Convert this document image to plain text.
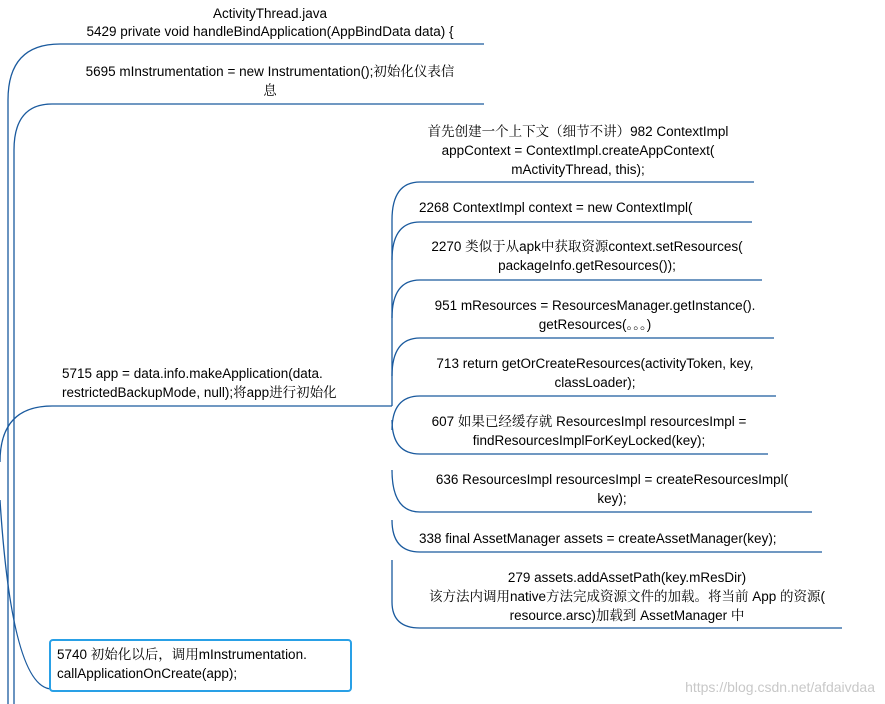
ActivityThread.java
5429 private void handleBindApplication(AppBindData data) {
5695 mInstrumentation = new Instrumentation();初始化仪表信
息
5715 app = data.info.makeApplication(data.
restrictedBackupMode, null);将app进行初始化
5740 初始化以后，调用mInstrumentation.
callApplicationOnCreate(app);
首先创建一个上下文（细节不讲）982 ContextImpl
appContext = ContextImpl.createAppContext(
mActivityThread, this);
2268 ContextImpl context = new ContextImpl(
2270 类似于从apk中获取资源context.setResources(
packageInfo.getResources());
951 mResources = ResourcesManager.getInstance().
getResources(。。。)
713 return getOrCreateResources(activityToken, key,
classLoader);
607 如果已经缓存就 ResourcesImpl resourcesImpl =
findResourcesImplForKeyLocked(key);
636 ResourcesImpl resourcesImpl = createResourcesImpl(
key);
338 final AssetManager assets = createAssetManager(key);
279 assets.addAssetPath(key.mResDir)
该方法内调用native方法完成资源文件的加载。将当前 App 的资源(
resource.arsc)加载到 AssetManager 中
https://blog.csdn.net/afdaivdaa
